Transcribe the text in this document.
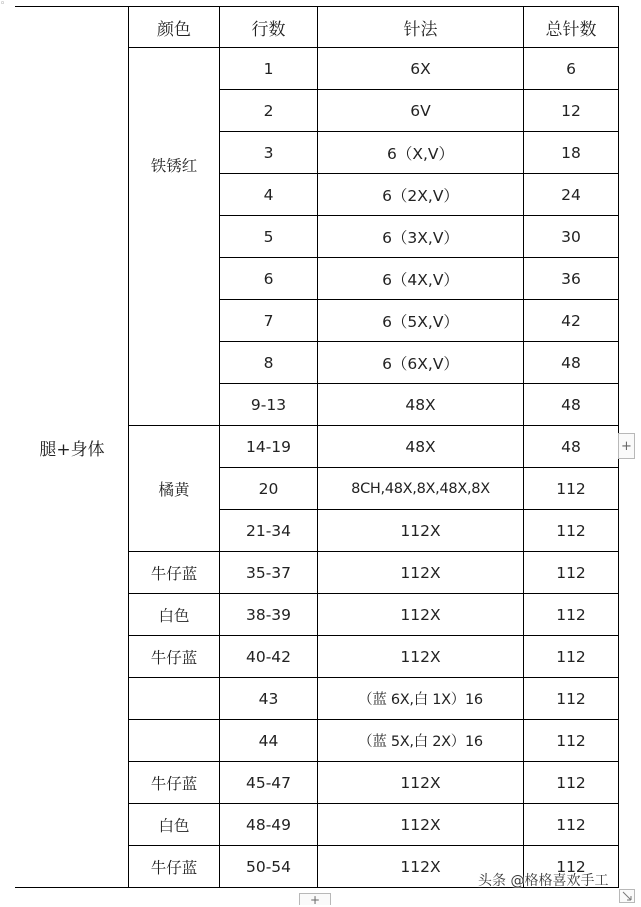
◦
腿+身体	颜色	行数	针法	总针数
	铁锈红	1	6X	6
		2	6V	12
		3	6（X,V）	18
		4	6（2X,V）	24
		5	6（3X,V）	30
		6	6（4X,V）	36
		7	6（5X,V）	42
		8	6（6X,V）	48
		9-13	48X	48
	橘黄	14-19	48X	48
		20	8CH,48X,8X,48X,8X	112
		21-34	112X	112
	牛仔蓝	35-37	112X	112
	白色	38-39	112X	112
	牛仔蓝	40-42	112X	112
		43	（蓝 6X,白 1X）16	112
		44	（蓝 5X,白 2X）16	112
	牛仔蓝	45-47	112X	112
	白色	48-49	112X	112
	牛仔蓝	50-54	112X	112
+
+
头条 @格格喜欢手工
